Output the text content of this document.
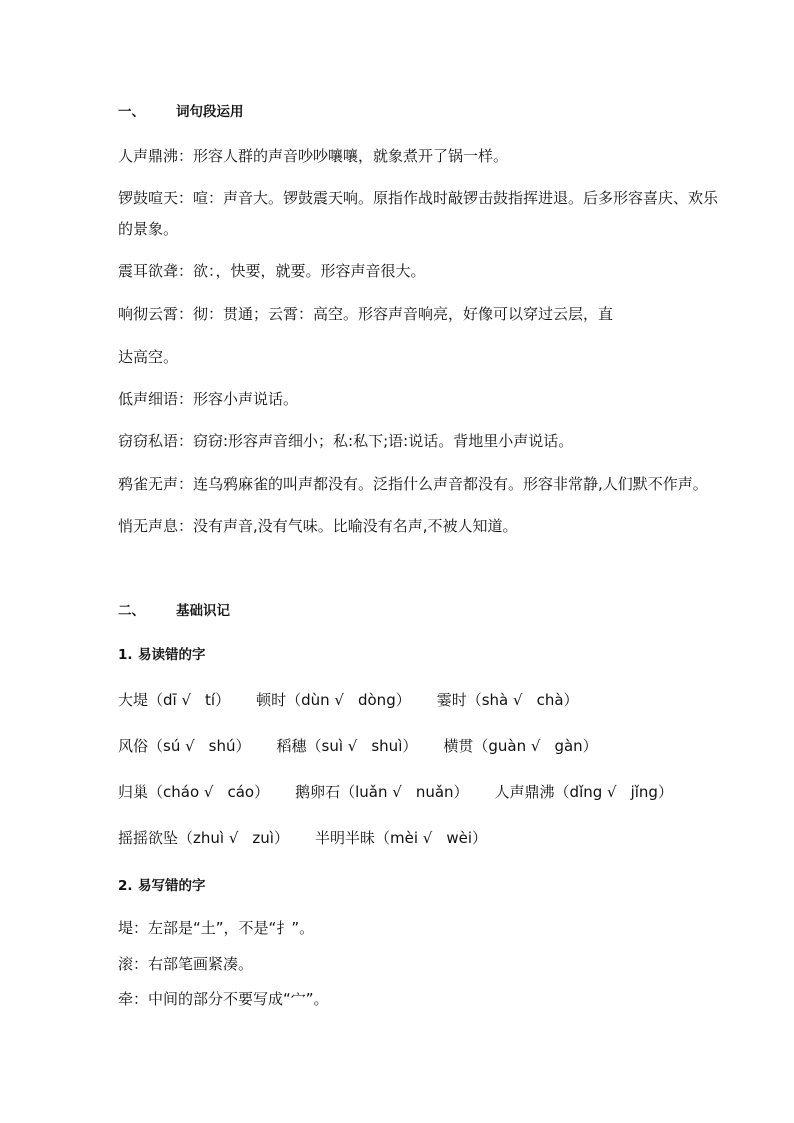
一、 词句段运用

人声鼎沸：形容人群的声音吵吵嚷嚷，就象煮开了锅一样。

锣鼓喧天：喧：声音大。锣鼓震天响。原指作战时敲锣击鼓指挥进退。后多形容喜庆、欢乐

的景象。

震耳欲聋：欲：，快要，就要。形容声音很大。

响彻云霄：彻：贯通；云霄：高空。形容声音响亮，好像可以穿过云层，直

达高空。

低声细语：形容小声说话。

窃窃私语：窃窃:形容声音细小；私:私下;语:说话。背地里小声说话。

鸦雀无声：连乌鸦麻雀的叫声都没有。泛指什么声音都没有。形容非常静,人们默不作声。

悄无声息：没有声音,没有气味。比喻没有名声,不被人知道。

二、 基础识记

1. 易读错的字

大堤（dī √ tí） 顿时（dùn √ dòng） 霎时（shà √ chà）

风俗（sú √ shú） 稻穗（suì √ shuì） 横贯（guàn √ gàn）

归巢（cháo √ cáo） 鹅卵石（luǎn √ nuǎn） 人声鼎沸（dǐng √ jǐng）

摇摇欲坠（zhuì √ zuì） 半明半昧（mèi √ wèi）

2. 易写错的字

堤：左部是“土”，不是“扌”。

滚：右部笔画紧凑。

牵：中间的部分不要写成“宀”。
